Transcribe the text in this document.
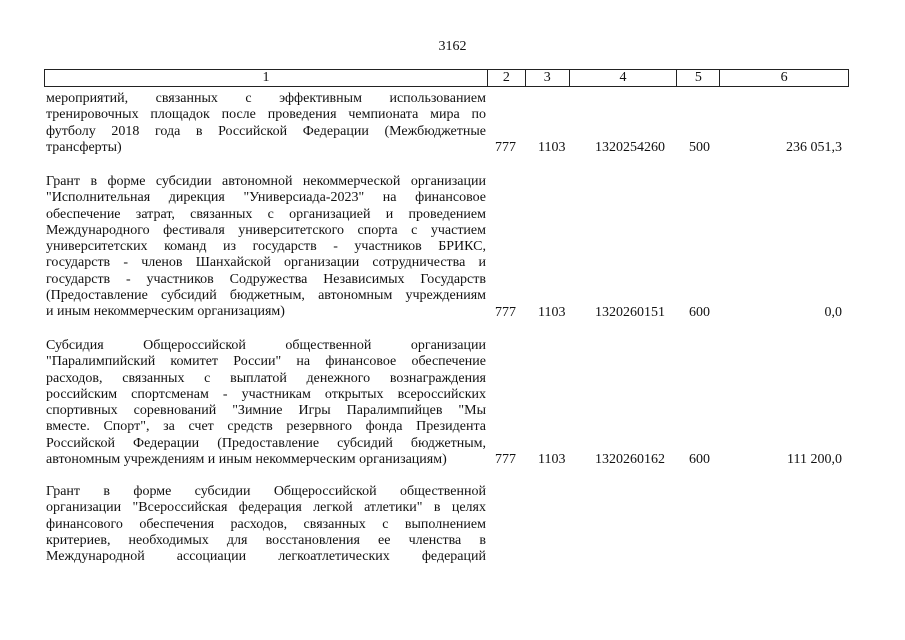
3162
1	2	3	4	5	6
мероприятий, связанных с эффективным использованием
тренировочных площадок после проведения чемпионата мира по
футболу 2018 года в Российской Федерации (Межбюджетные
трансферты)	777 1103 1320254260 500	236 051,3
Грант в форме субсидии автономной некоммерческой организации
"Исполнительная дирекция "Универсиада-2023" на финансовое
обеспечение затрат, связанных с организацией и проведением
Международного фестиваля университетского спорта с участием
университетских команд из государств - участников БРИКС,
государств - членов Шанхайской организации сотрудничества и
государств - участников Содружества Независимых Государств
(Предоставление субсидий бюджетным, автономным учреждениям
и иным некоммерческим организациям)	777 1103 1320260151 600	0,0
Субсидия Общероссийской общественной организации
"Паралимпийский комитет России" на финансовое обеспечение
расходов, связанных с выплатой денежного вознаграждения
российским спортсменам - участникам открытых всероссийских
спортивных соревнований "Зимние Игры Паралимпийцев "Мы
вместе. Спорт", за счет средств резервного фонда Президента
Российской Федерации (Предоставление субсидий бюджетным,
автономным учреждениям и иным некоммерческим организациям)	777 1103 1320260162 600	111 200,0
Грант в форме субсидии Общероссийской общественной
организации "Всероссийская федерация легкой атлетики" в целях
финансового обеспечения расходов, связанных с выполнением
критериев, необходимых для восстановления ее членства в
Международной ассоциации легкоатлетических федераций
